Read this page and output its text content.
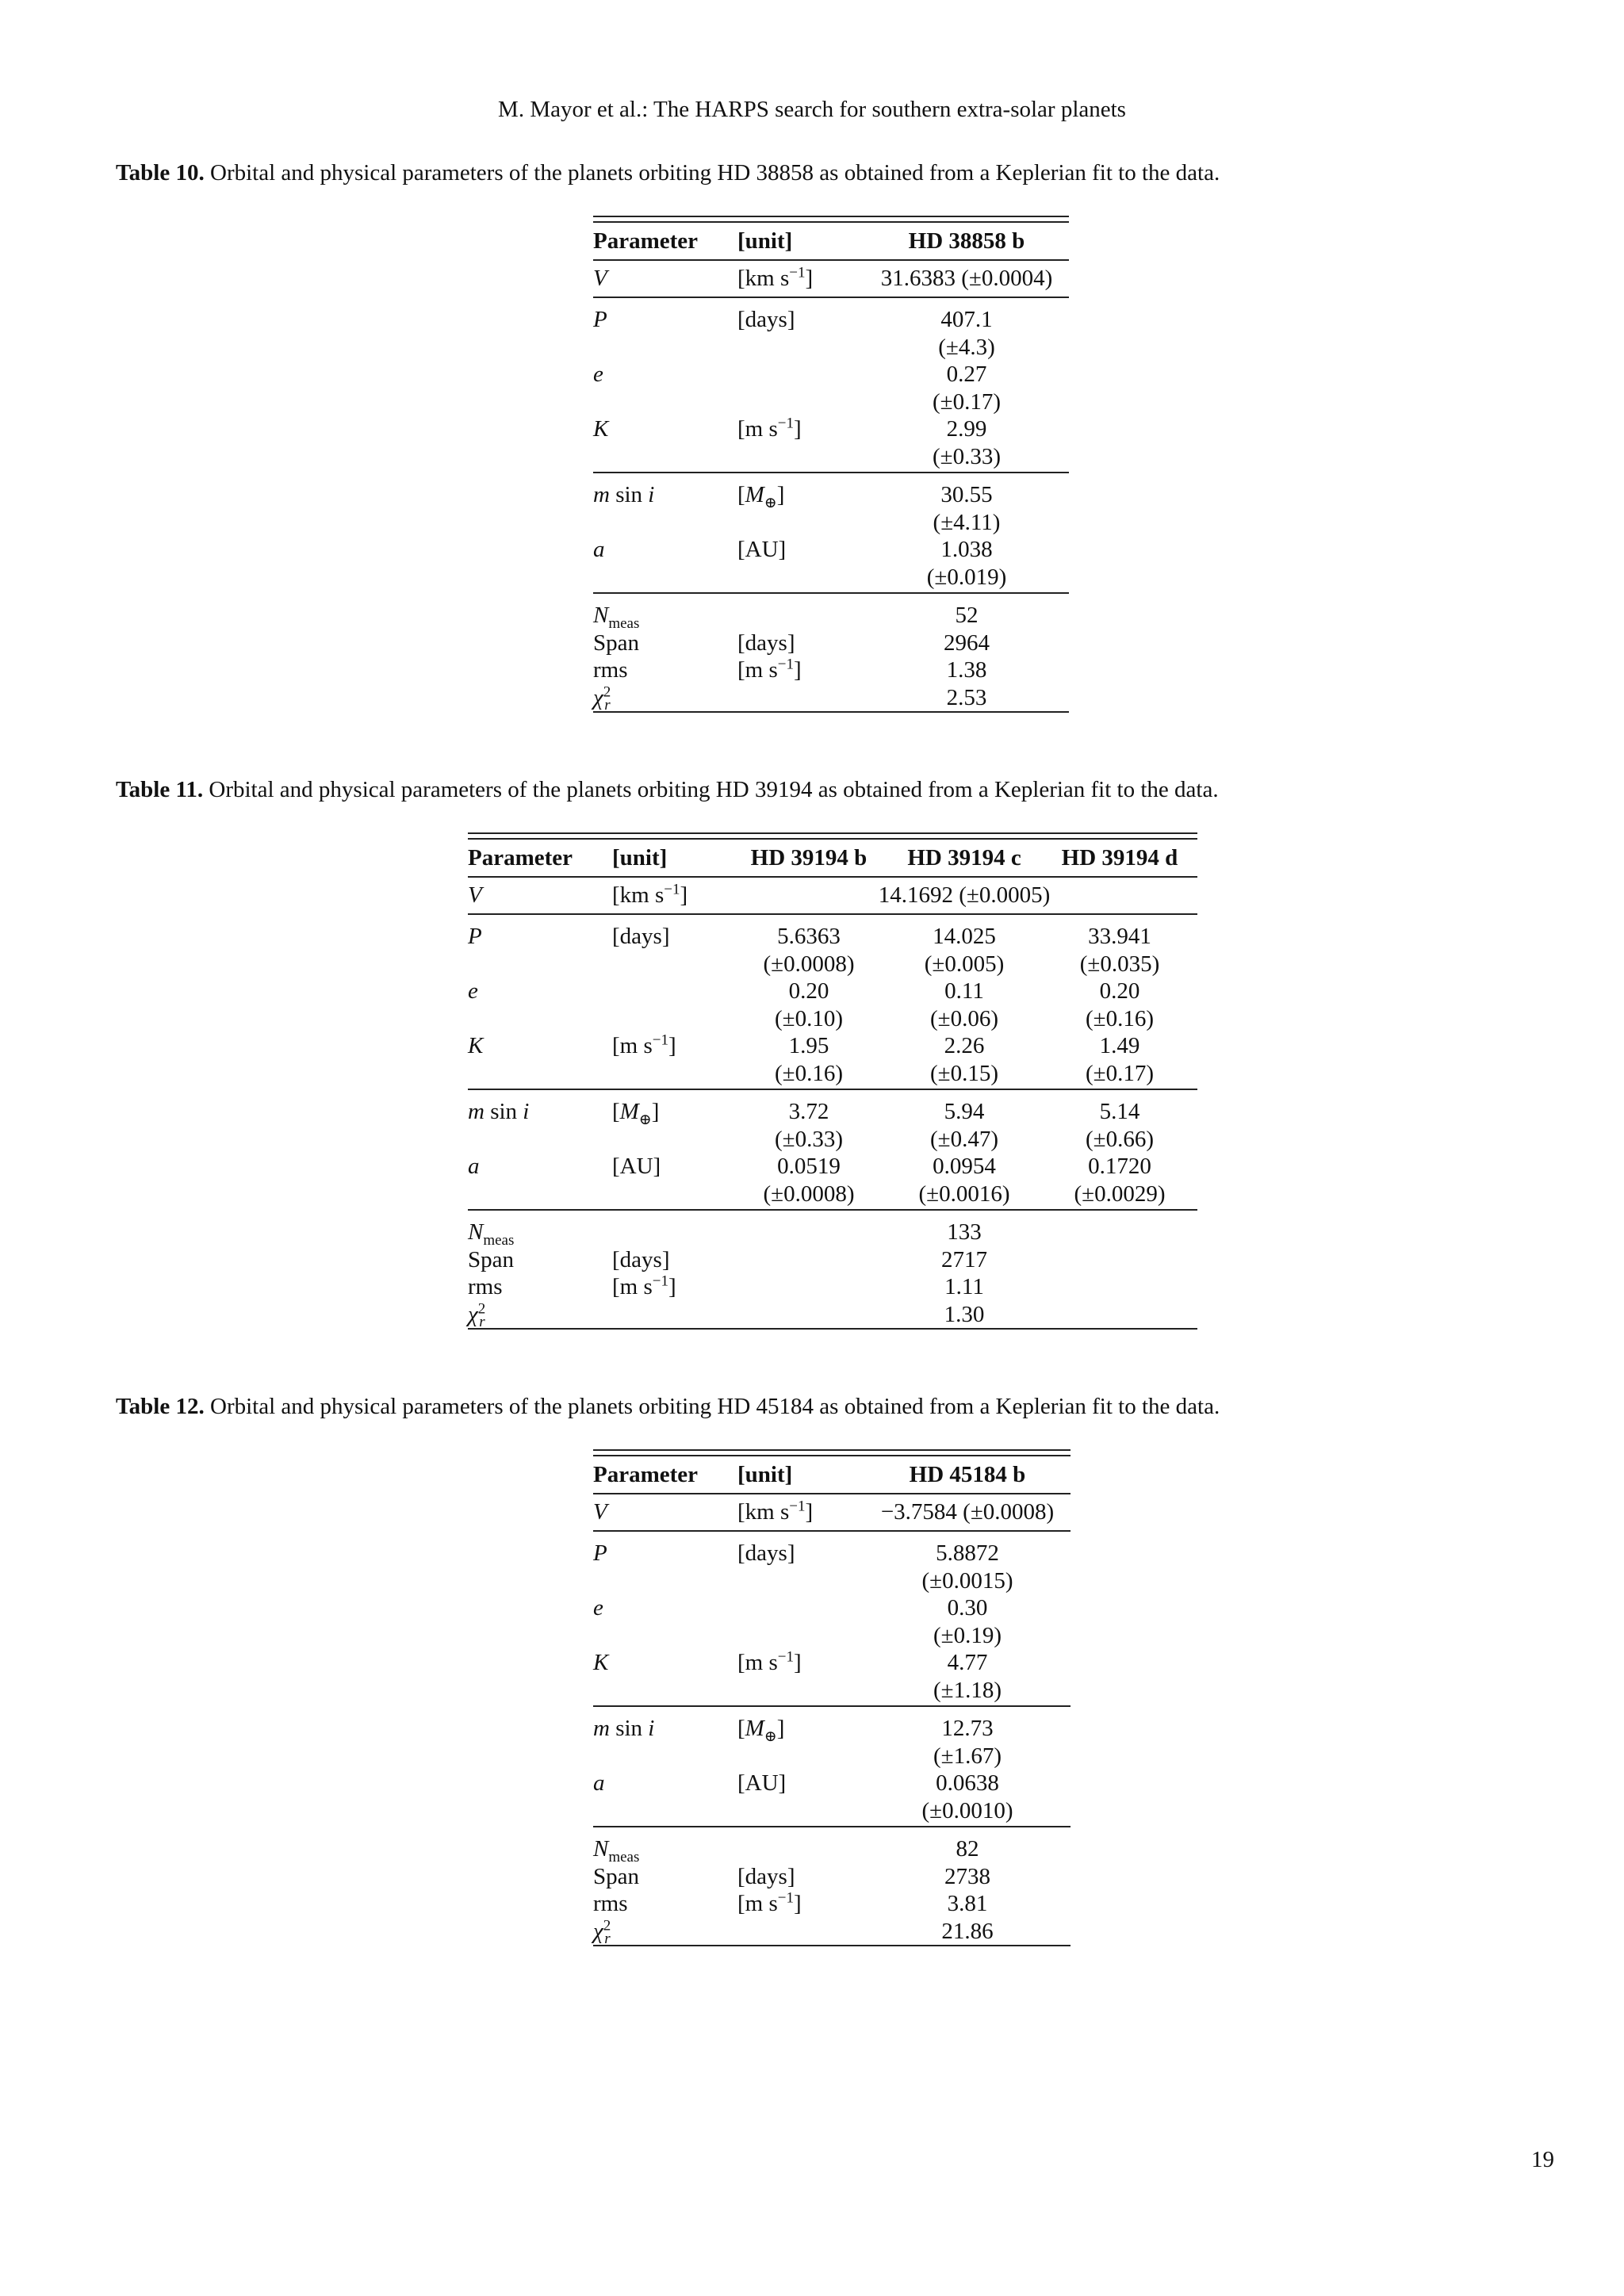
M. Mayor et al.: The HARPS search for southern extra-solar planets
Table 10. Orbital and physical parameters of the planets orbiting HD 38858 as obtained from a Keplerian fit to the data.

Parameter	[unit]	HD 38858 b
V	[km $s^{-1}$]	31.6383 (±0.0004)
P	[days]	407.1
		(±4.3)
e		0.27
		(±0.17)
K	[m $s^{-1}$]	2.99
		(±0.33)
m sin i	$[M_\oplus]$	30.55
		(±4.11)
a	[AU]	1.038
		(±0.019)
$N_{meas}$		52
Span	[days]	2964
rms	[m $s^{-1}$]	1.38
$\chi^2_r$		2.53
Table 11. Orbital and physical parameters of the planets orbiting HD 39194 as obtained from a Keplerian fit to the data.

Parameter	[unit]	HD 39194 b	HD 39194 c	HD 39194 d
V	[km $s^{-1}$]	14.1692 (±0.0005)		
P	[days]	5.6363	14.025	33.941
		(±0.0008)	(±0.005)	(±0.035)
e		0.20	0.11	0.20
		(±0.10)	(±0.06)	(±0.16)
K	[m $s^{-1}$]	1.95	2.26	1.49
		(±0.16)	(±0.15)	(±0.17)
m sin i	$[M_\oplus]$	3.72	5.94	5.14
		(±0.33)	(±0.47)	(±0.66)
a	[AU]	0.0519	0.0954	0.1720
		(±0.0008)	(±0.0016)	(±0.0029)
$N_{meas}$		133		
Span	[days]	2717		
rms	[m $s^{-1}$]	1.11		
$\chi^2_r$		1.30		
Table 12. Orbital and physical parameters of the planets orbiting HD 45184 as obtained from a Keplerian fit to the data.

Parameter	[unit]	HD 45184 b
V	[km $s^{-1}$]	−3.7584 (±0.0008)
P	[days]	5.8872
		(±0.0015)
e		0.30
		(±0.19)
K	[m $s^{-1}$]	4.77
		(±1.18)
m sin i	$[M_\oplus]$	12.73
		(±1.67)
a	[AU]	0.0638
		(±0.0010)
$N_{meas}$		82
Span	[days]	2738
rms	[m $s^{-1}$]	3.81
$\chi^2_r$		21.86
19
